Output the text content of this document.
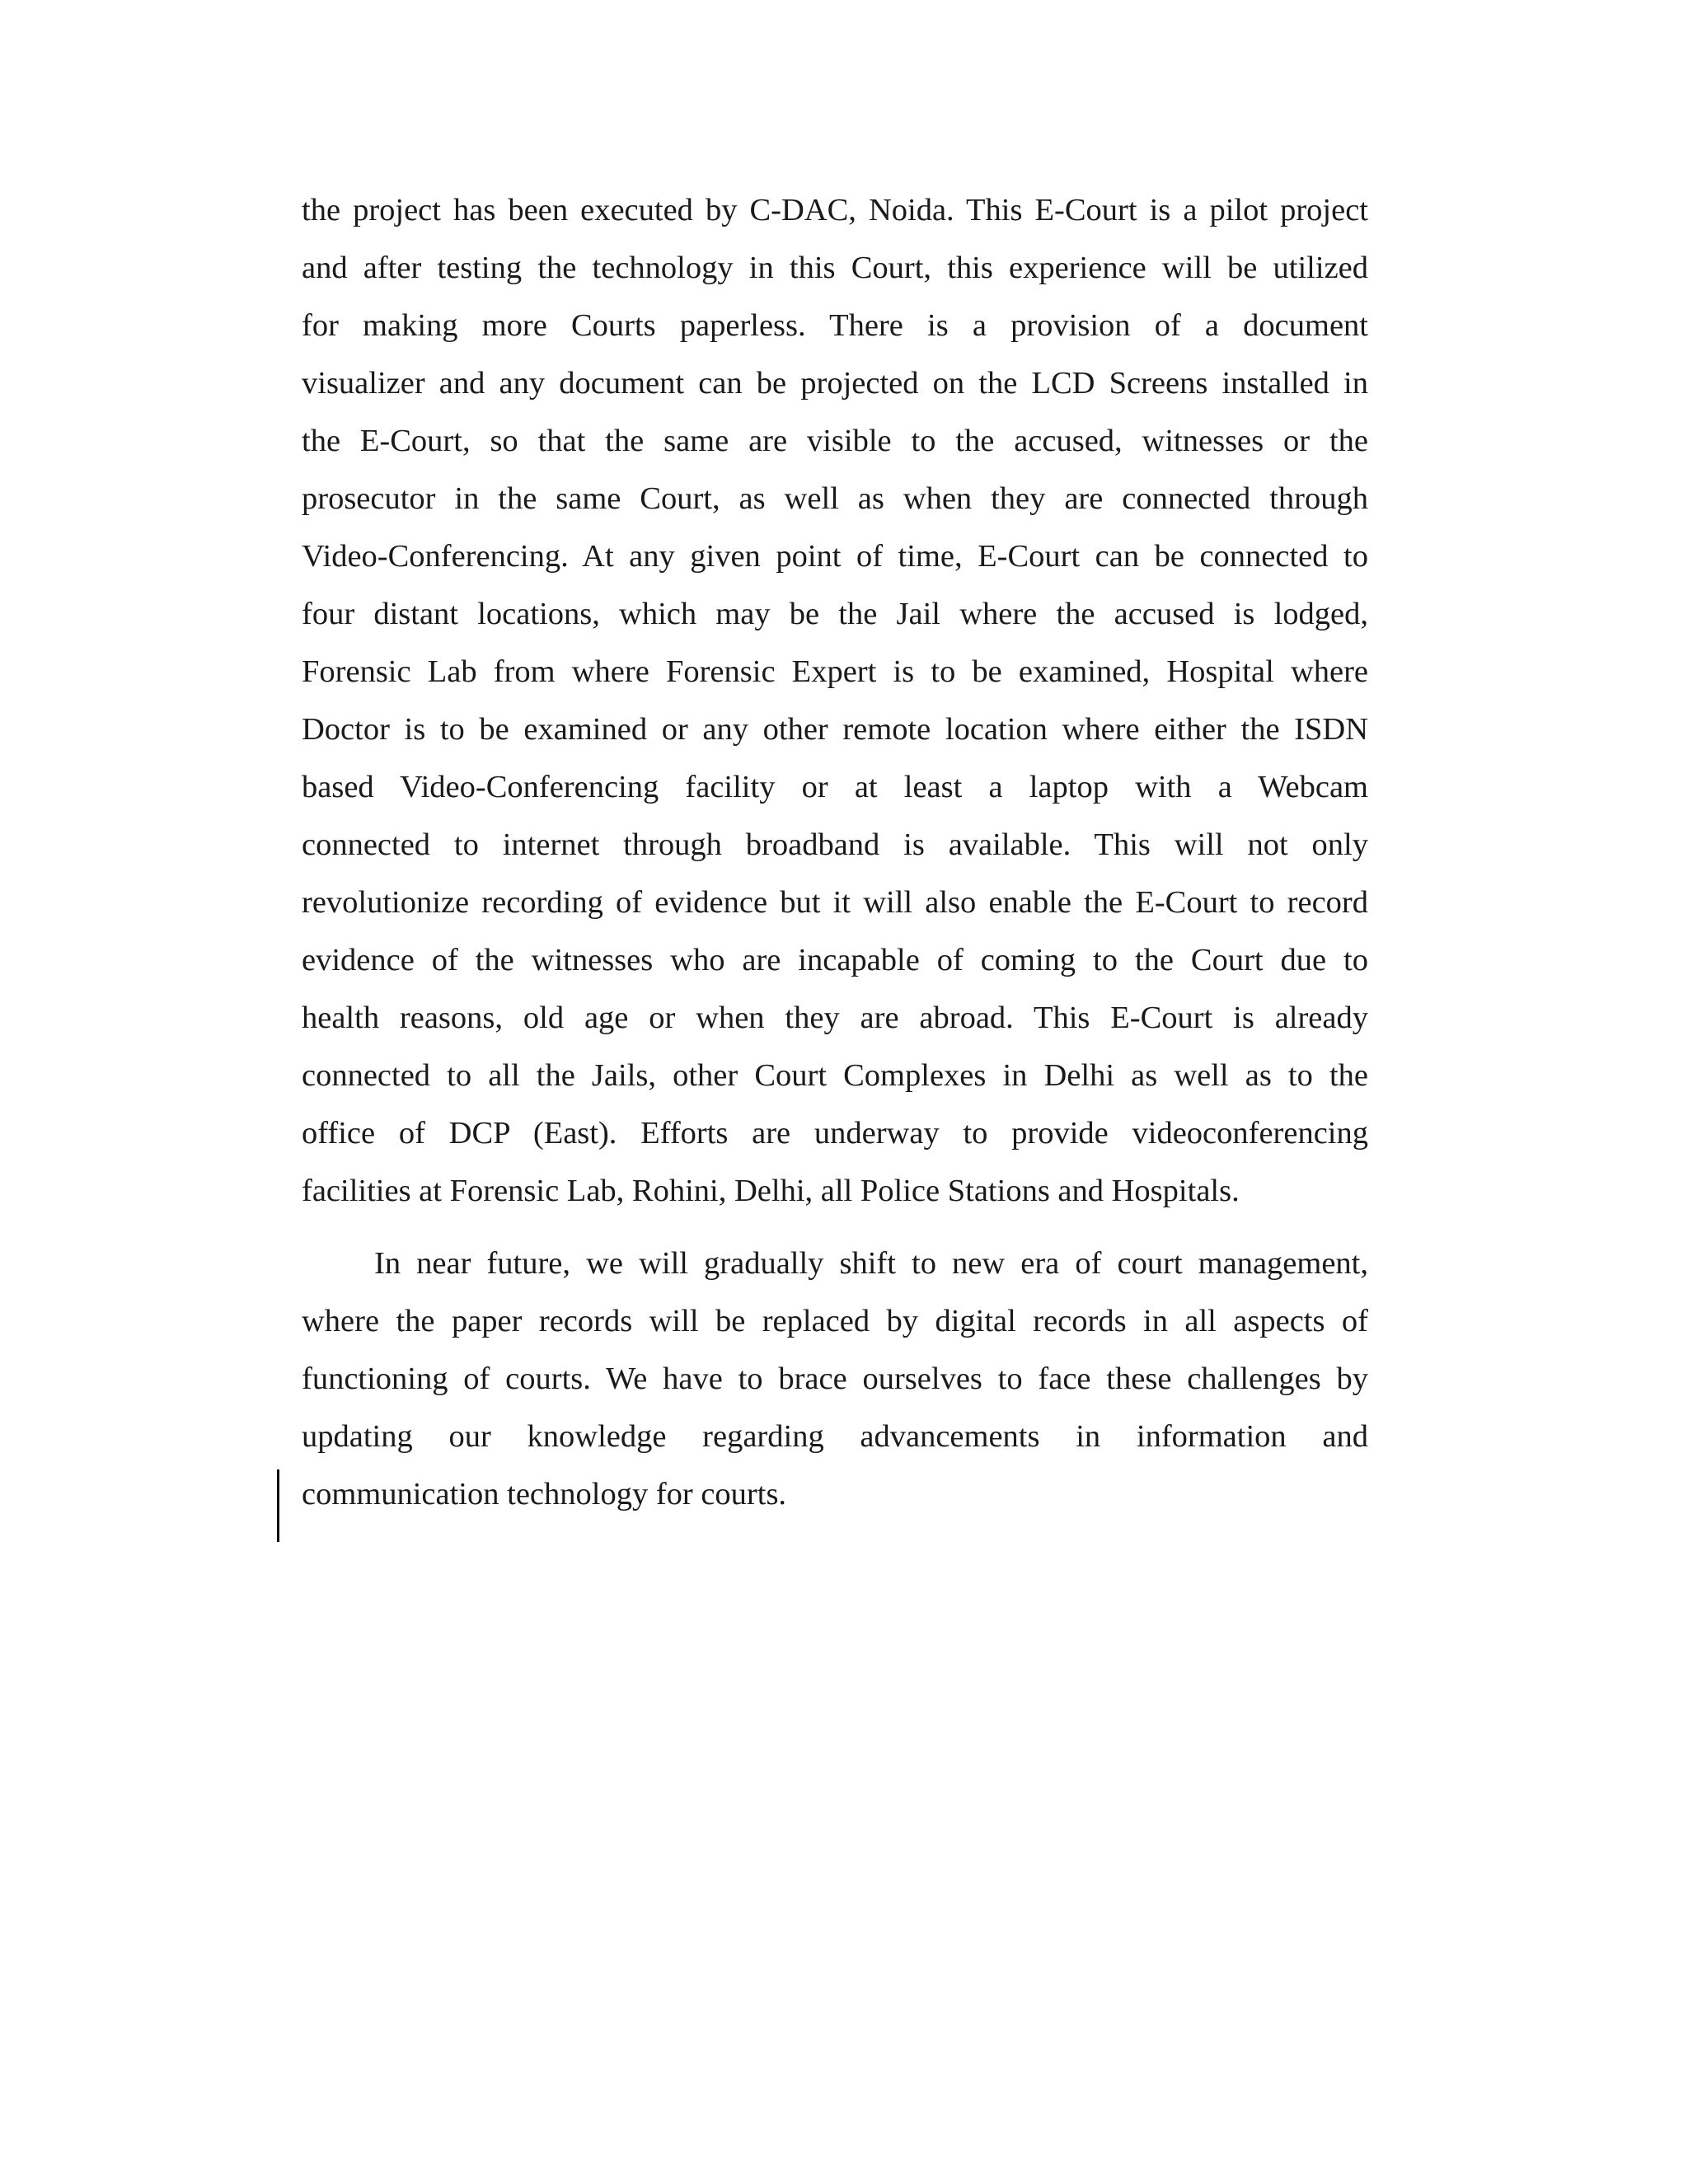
the project has been executed by C-DAC, Noida. This E-Court is a pilot project
and after testing the technology in this Court, this experience will be utilized
for making more Courts paperless. There is a provision of a document
visualizer and any document can be projected on the LCD Screens installed in
the E-Court, so that the same are visible to the accused, witnesses or the
prosecutor in the same Court, as well as when they are connected through
Video-Conferencing. At any given point of time, E-Court can be connected to
four distant locations, which may be the Jail where the accused is lodged,
Forensic Lab from where Forensic Expert is to be examined, Hospital where
Doctor is to be examined or any other remote location where either the ISDN
based Video-Conferencing facility or at least a laptop with a Webcam
connected to internet through broadband is available. This will not only
revolutionize recording of evidence but it will also enable the E-Court to record
evidence of the witnesses who are incapable of coming to the Court due to
health reasons, old age or when they are abroad. This E-Court is already
connected to all the Jails, other Court Complexes in Delhi as well as to the
office of DCP (East). Efforts are underway to provide videoconferencing
facilities at Forensic Lab, Rohini, Delhi, all Police Stations and Hospitals.
In near future, we will gradually shift to new era of court management,
where the paper records will be replaced by digital records in all aspects of
functioning of courts. We have to brace ourselves to face these challenges by
updating our knowledge regarding advancements in information and
communication technology for courts.
